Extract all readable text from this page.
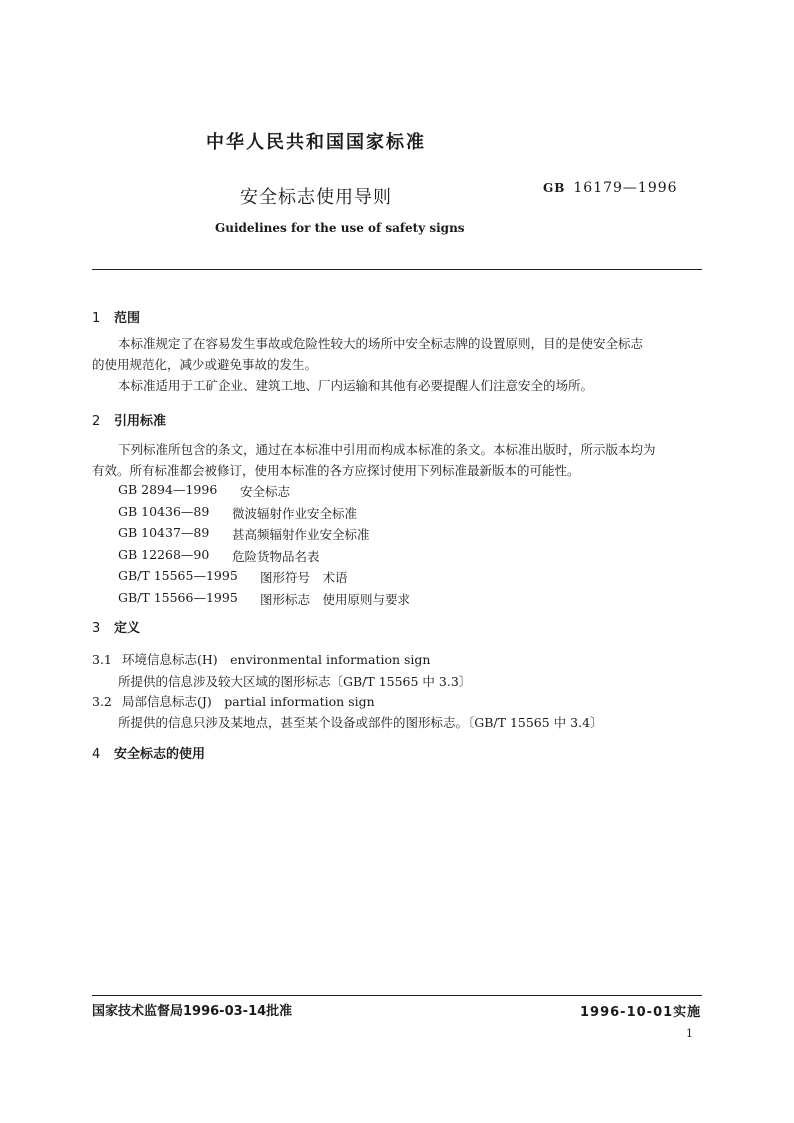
中华人民共和国国家标准
安全标志使用导则	GB 16179—1996
Guidelines for the use of safety signs
1 范围
本标准规定了在容易发生事故或危险性较大的场所中安全标志牌的设置原则，目的是使安全标志
的使用规范化，减少或避免事故的发生。
本标准适用于工矿企业、建筑工地、厂内运输和其他有必要提醒人们注意安全的场所。
2 引用标准
下列标准所包含的条文，通过在本标准中引用而构成本标准的条文。本标准出版时，所示版本均为
有效。所有标准都会被修订，使用本标准的各方应探讨使用下列标准最新版本的可能性。
GB 2894—1996	安全标志
GB 10436—89	微波辐射作业安全标准
GB 10437—89	甚高频辐射作业安全标准
GB 12268—90	危险货物品名表
GB/T 15565—1995	图形符号　术语
GB/T 15566—1995	图形标志　使用原则与要求
3 定义
3.1 环境信息标志(H)　environmental information sign
所提供的信息涉及较大区域的图形标志〔GB/T 15565 中 3.3〕
3.2 局部信息标志(J)　partial information sign
所提供的信息只涉及某地点，甚至某个设备或部件的图形标志。〔GB/T 15565 中 3.4〕
4 安全标志的使用
国家技术监督局1996-03-14批准	1996-10-01实施
1
